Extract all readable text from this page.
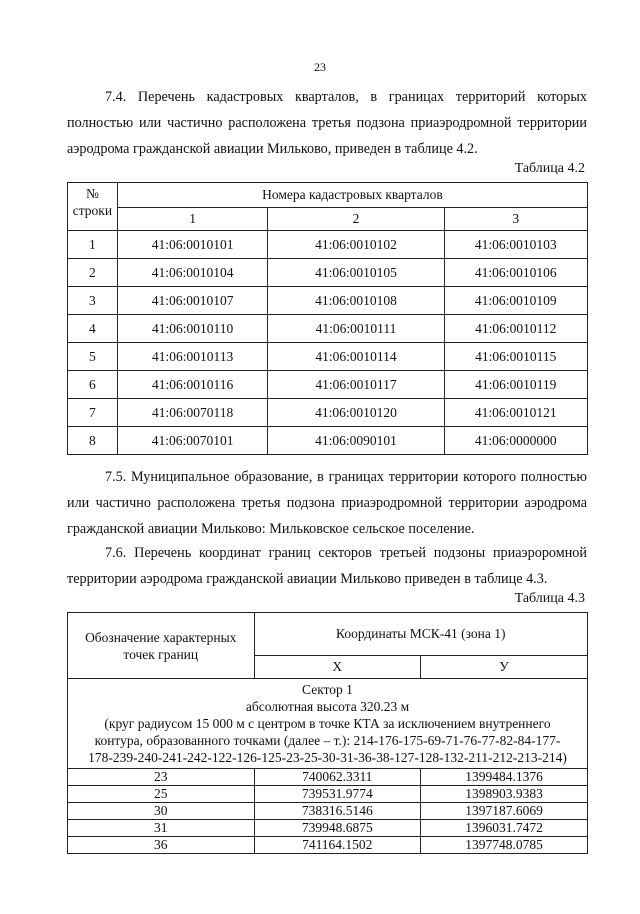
23
7.4. Перечень кадастровых кварталов, в границах территорий которых
полностью или частично расположена третья подзона приаэродромной территории
аэродрома гражданской авиации Мильково, приведен в таблице 4.2.
Таблица 4.2
№ строки	Номера кадастровых кварталов		
	1	2	3
1	41:06:0010101	41:06:0010102	41:06:0010103
2	41:06:0010104	41:06:0010105	41:06:0010106
3	41:06:0010107	41:06:0010108	41:06:0010109
4	41:06:0010110	41:06:0010111	41:06:0010112
5	41:06:0010113	41:06:0010114	41:06:0010115
6	41:06:0010116	41:06:0010117	41:06:0010119
7	41:06:0070118	41:06:0010120	41:06:0010121
8	41:06:0070101	41:06:0090101	41:06:0000000
7.5. Муниципальное образование, в границах территории которого полностью
или частично расположена третья подзона приаэродромной территории аэродрома
гражданской авиации Мильково: Мильковское сельское поселение.
7.6. Перечень координат границ секторов третьей подзоны приаэроромной
территории аэродрома гражданской авиации Мильково приведен в таблице 4.3.
Таблица 4.3
Обозначение характерных точек границ	Координаты МСК-41 (зона 1)	
	Х	У

Сектор 1
абсолютная высота 320.23 м
(круг радиусом 15 000 м с центром в точке КТА за исключением внутреннего
контура, образованного точками (далее – т.): 214-176-175-69-71-76-77-82-84-177-
178-239-240-241-242-122-126-125-23-25-30-31-36-38-127-128-132-211-212-213-214)		

23	740062.3311	1399484.1376
25	739531.9774	1398903.9383
30	738316.5146	1397187.6069
31	739948.6875	1396031.7472
36	741164.1502	1397748.0785
